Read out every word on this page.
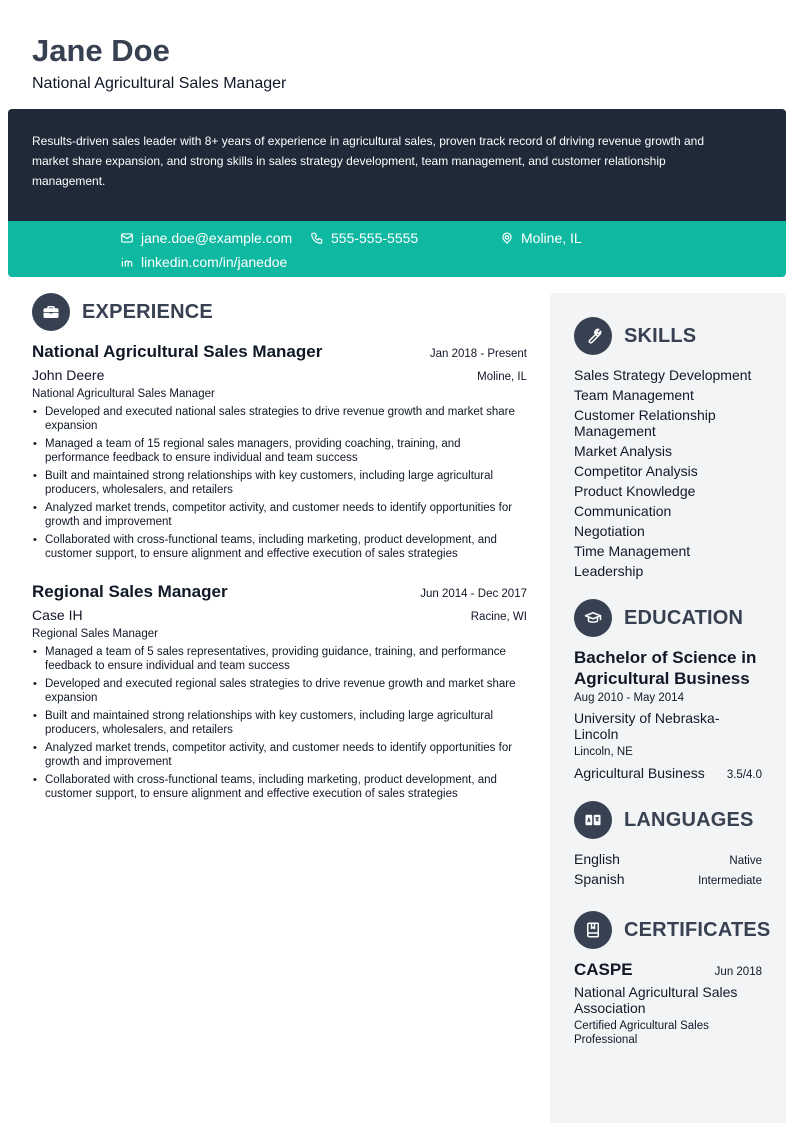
Jane Doe
National Agricultural Sales Manager
Results-driven sales leader with 8+ years of experience in agricultural sales, proven track record of driving revenue growth and market share expansion, and strong skills in sales strategy development, team management, and customer relationship management.
jane.doe@example.com	555-555-5555	Moline, IL
linkedin.com/in/janedoe
EXPERIENCE
National Agricultural Sales Manager	Jan 2018 - Present
John Deere	Moline, IL
National Agricultural Sales Manager
• Developed and executed national sales strategies to drive revenue growth and market share expansion
• Managed a team of 15 regional sales managers, providing coaching, training, and performance feedback to ensure individual and team success
• Built and maintained strong relationships with key customers, including large agricultural producers, wholesalers, and retailers
• Analyzed market trends, competitor activity, and customer needs to identify opportunities for growth and improvement
• Collaborated with cross-functional teams, including marketing, product development, and customer support, to ensure alignment and effective execution of sales strategies
Regional Sales Manager	Jun 2014 - Dec 2017
Case IH	Racine, WI
Regional Sales Manager
• Managed a team of 5 sales representatives, providing guidance, training, and performance feedback to ensure individual and team success
• Developed and executed regional sales strategies to drive revenue growth and market share expansion
• Built and maintained strong relationships with key customers, including large agricultural producers, wholesalers, and retailers
• Analyzed market trends, competitor activity, and customer needs to identify opportunities for growth and improvement
• Collaborated with cross-functional teams, including marketing, product development, and customer support, to ensure alignment and effective execution of sales strategies
SKILLS
Sales Strategy Development
Team Management
Customer Relationship Management
Market Analysis
Competitor Analysis
Product Knowledge
Communication
Negotiation
Time Management
Leadership
EDUCATION
Bachelor of Science in Agricultural Business
Aug 2010 - May 2014
University of Nebraska-Lincoln
Lincoln, NE
Agricultural Business 3.5/4.0
LANGUAGES
English	Native
Spanish	Intermediate
CERTIFICATES
CASPE	Jun 2018
National Agricultural Sales Association
Certified Agricultural Sales Professional
